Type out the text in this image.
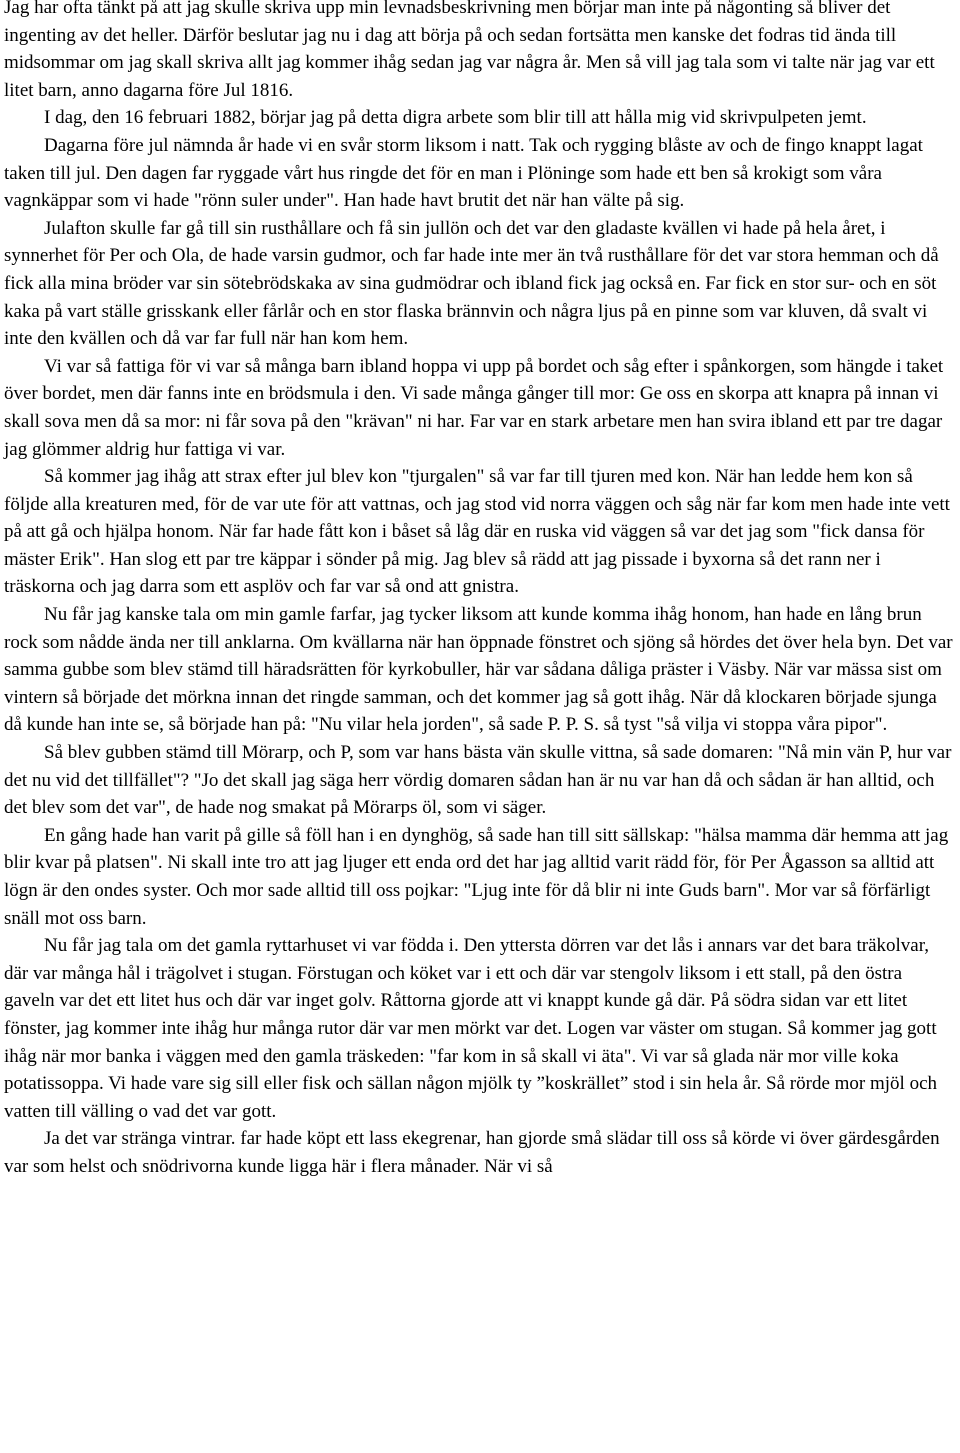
Jag har ofta tänkt på att jag skulle skriva upp min levnadsbeskrivning men börjar man inte på någonting så bliver det ingenting av det heller. Därför beslutar jag nu i dag att börja på och sedan fortsätta men kanske det fodras tid ända till midsommar om jag skall skriva allt jag kommer ihåg sedan jag var några år. Men så vill jag tala som vi talte när jag var ett litet barn, anno dagarna före Jul 1816.

I dag, den 16 februari 1882, börjar jag på detta digra arbete som blir till att hålla mig vid skrivpulpeten jemt.

Dagarna före jul nämnda år hade vi en svår storm liksom i natt. Tak och rygging blåste av och de fingo knappt lagat taken till jul. Den dagen far ryggade vårt hus ringde det för en man i Plöninge som hade ett ben så krokigt som våra vagnkäppar som vi hade "rönn suler under". Han hade havt brutit det när han välte på sig.

Julafton skulle far gå till sin rusthållare och få sin jullön och det var den gladaste kvällen vi hade på hela året, i synnerhet för Per och Ola, de hade varsin gudmor, och far hade inte mer än två rusthållare för det var stora hemman och då fick alla mina bröder var sin sötebrödskaka av sina gudmödrar och ibland fick jag också en. Far fick en stor sur- och en söt kaka på vart ställe grisskank eller fårlår och en stor flaska brännvin och några ljus på en pinne som var kluven, då svalt vi inte den kvällen och då var far full när han kom hem.

Vi var så fattiga för vi var så många barn ibland hoppa vi upp på bordet och såg efter i spånkorgen, som hängde i taket över bordet, men där fanns inte en brödsmula i den. Vi sade många gånger till mor: Ge oss en skorpa att knapra på innan vi skall sova men då sa mor: ni får sova på den "krävan" ni har. Far var en stark arbetare men han svira ibland ett par tre dagar jag glömmer aldrig hur fattiga vi var.

Så kommer jag ihåg att strax efter jul blev kon "tjurgalen" så var far till tjuren med kon. När han ledde hem kon så följde alla kreaturen med, för de var ute för att vattnas, och jag stod vid norra väggen och såg när far kom men hade inte vett på att gå och hjälpa honom. När far hade fått kon i båset så låg där en ruska vid väggen så var det jag som "fick dansa för mäster Erik". Han slog ett par tre käppar i sönder på mig. Jag blev så rädd att jag pissade i byxorna så det rann ner i träskorna och jag darra som ett asplöv och far var så ond att gnistra.

Nu får jag kanske tala om min gamle farfar, jag tycker liksom att kunde komma ihåg honom, han hade en lång brun rock som nådde ända ner till anklarna. Om kvällarna när han öppnade fönstret och sjöng så hördes det över hela byn. Det var samma gubbe som blev stämd till häradsrätten för kyrkobuller, här var sådana dåliga präster i Väsby. När var mässa sist om vintern så började det mörkna innan det ringde samman, och det kommer jag så gott ihåg. När då klockaren började sjunga då kunde han inte se, så började han på: "Nu vilar hela jorden", så sade P. P. S. så tyst "så vilja vi stoppa våra pipor".

Så blev gubben stämd till Mörarp, och P, som var hans bästa vän skulle vittna, så sade domaren: "Nå min vän P, hur var det nu vid det tillfället"? "Jo det skall jag säga herr vördig domaren sådan han är nu var han då och sådan är han alltid, och det blev som det var", de hade nog smakat på Mörarps öl, som vi säger.

En gång hade han varit på gille så föll han i en dynghög, så sade han till sitt sällskap: "hälsa mamma där hemma att jag blir kvar på platsen". Ni skall inte tro att jag ljuger ett enda ord det har jag alltid varit rädd för, för Per Ågasson sa alltid att lögn är den ondes syster. Och mor sade alltid till oss pojkar: "Ljug inte för då blir ni inte Guds barn". Mor var så förfärligt snäll mot oss barn.

Nu får jag tala om det gamla ryttarhuset vi var födda i. Den yttersta dörren var det lås i annars var det bara träkolvar, där var många hål i trägolvet i stugan. Förstugan och köket var i ett och där var stengolv liksom i ett stall, på den östra gaveln var det ett litet hus och där var inget golv. Råttorna gjorde att vi knappt kunde gå där. På södra sidan var ett litet fönster, jag kommer inte ihåg hur många rutor där var men mörkt var det. Logen var väster om stugan. Så kommer jag gott ihåg när mor banka i väggen med den gamla träskeden: "far kom in så skall vi äta". Vi var så glada när mor ville koka potatissoppa. Vi hade vare sig sill eller fisk och sällan någon mjölk ty ”koskrället” stod i sin hela år. Så rörde mor mjöl och vatten till välling o vad det var gott.

Ja det var stränga vintrar. far hade köpt ett lass ekegrenar, han gjorde små slädar till oss så körde vi över gärdesgården var som helst och snödrivorna kunde ligga här i flera månader. När vi så
